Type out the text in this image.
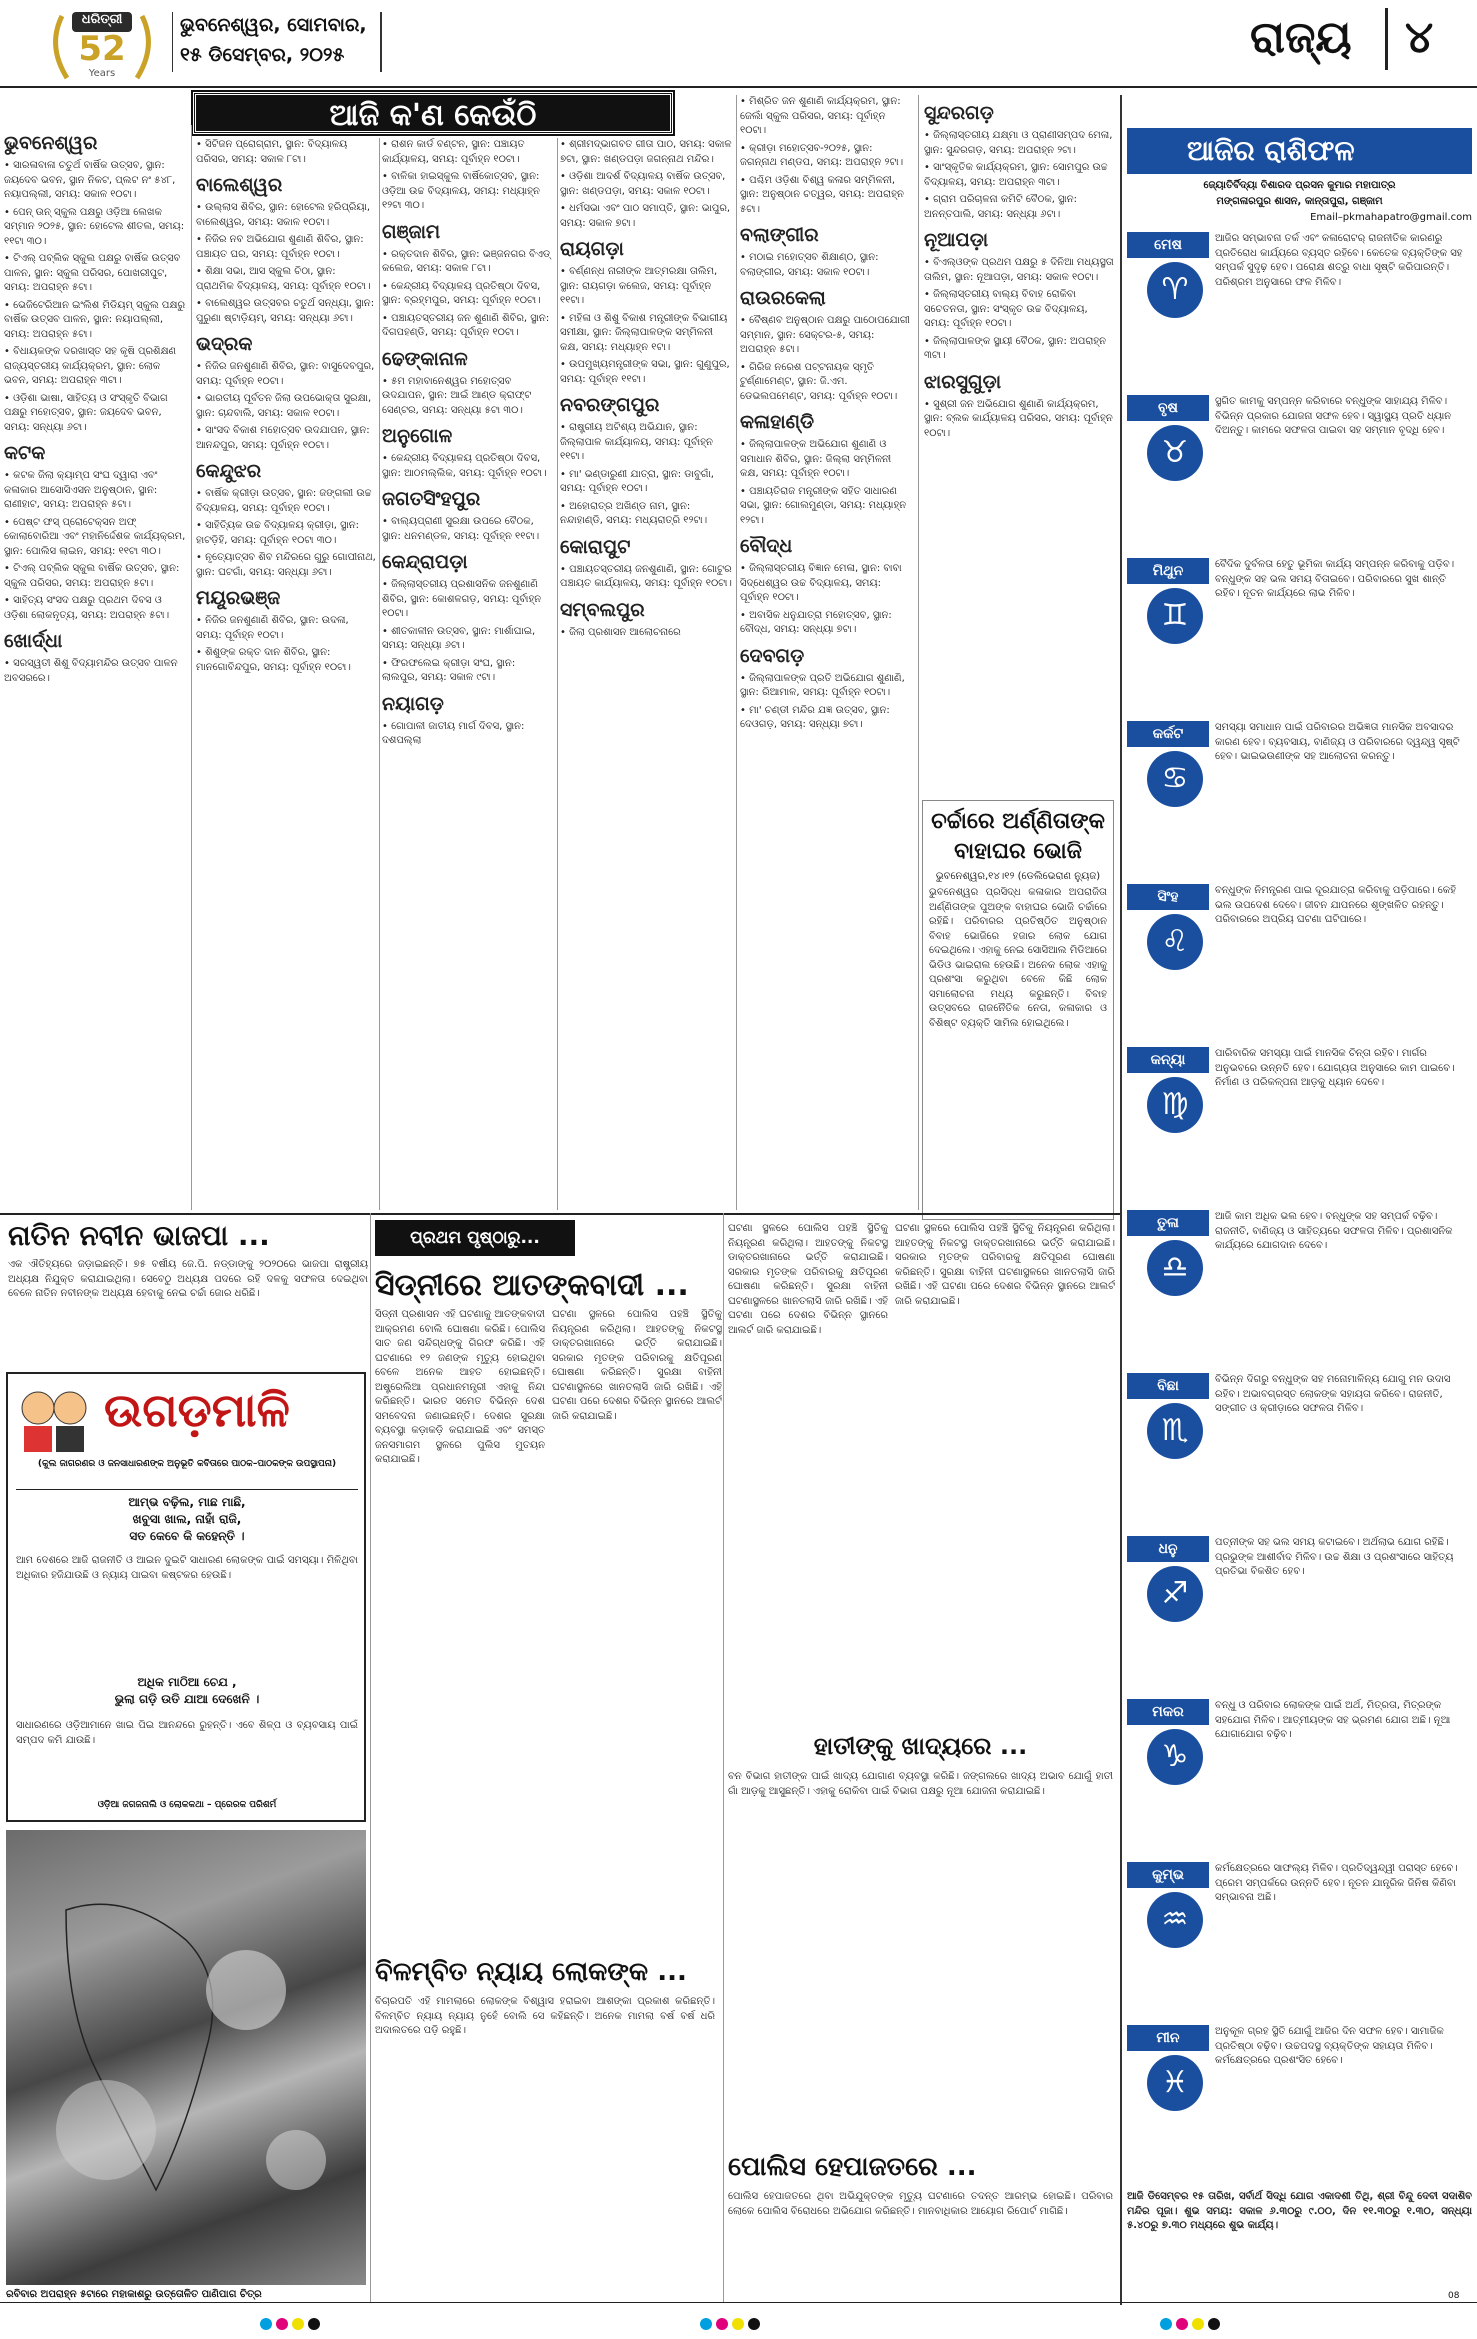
ଧରିତ୍ରୀ
52
Years
ଭୁବନେଶ୍ୱର, ସୋମବାର,
୧୫ ଡିସେମ୍ବର, ୨୦୨୫	ରାଜ୍ୟ ୪
ଆଜି କ'ଣ କେଉଁଠି
ଭୁବନେଶ୍ୱର
• ସାରଳାବାଳା ଚତୁର୍ଥ ବାର୍ଷିକ ଉତ୍ସବ, ସ୍ଥାନ: ଜୟଦେବ ଭବନ, ସ୍ଥାନ ନିକଟ, ପ୍ଲଟ ନଂ ୫୪୮, ନୟାପଲ୍ଲୀ, ସମୟ: ସକାଳ ୧୦ଟା।
• ପେନ୍ ଉନ୍ ସ୍କୁଲ ପକ୍ଷରୁ ଓଡ଼ିଆ ଲେଖକ ସମ୍ମାନ ୨୦୨୫, ସ୍ଥାନ: ହୋଟେଲ ଶୀତଲ, ସମୟ: ୧୧ଟା ୩୦।
• ଟିଏଲ୍ ପବ୍ଲିକ ସ୍କୁଲ ପକ୍ଷରୁ ବାର୍ଷିକ ଉତ୍ସବ ପାଳନ, ସ୍ଥାନ: ସ୍କୁଲ ପରିସର, ପୋଖରୀପୁଟ, ସମୟ: ଅପରାହ୍ନ ୫ଟା।
• ଭେଜିଟେରିଆନ ଇଂଲିଶ ମିଡିୟମ୍ ସ୍କୁଲ ପକ୍ଷରୁ ବାର୍ଷିକ ଉତ୍ସବ ପାଳନ, ସ୍ଥାନ: ନୟାପଲ୍ଲୀ, ସମୟ: ଅପରାହ୍ନ ୫ଟା।
• ବିଧାୟକଙ୍କ ଦରଖାସ୍ତ ସହ କୃଷି ପ୍ରଶିକ୍ଷଣ ରାଜ୍ୟସ୍ତରୀୟ କାର୍ଯ୍ୟକ୍ରମ, ସ୍ଥାନ: ଲୋକ ଭବନ, ସମୟ: ଅପରାହ୍ନ ୩ଟା।
• ଓଡ଼ିଶା ଭାଷା, ସାହିତ୍ୟ ଓ ସଂସ୍କୃତି ବିଭାଗ ପକ୍ଷରୁ ମହୋତ୍ସବ, ସ୍ଥାନ: ଜୟଦେବ ଭବନ, ସମୟ: ସନ୍ଧ୍ୟା ୬ଟା।
କଟକ
• କଟକ ଜିଲା କ୍ୟାମ୍ପ ସଂଘ ଦ୍ୱାରା ଏବଂ କଳାକାର ଆସୋସିଏସନ ଅନୁଷ୍ଠାନ, ସ୍ଥାନ: ରାଣୀହାଟ, ସମୟ: ଅପରାହ୍ନ ୫ଟା।
• ପେଷ୍ଟ ଫସ୍ ପ୍ରୋଟେକ୍ସନ ଅଫ୍ କୋଲାବୋରିଆ ଏବଂ ମହାନିର୍ଦ୍ଦେଶକ କାର୍ଯ୍ୟକ୍ରମ, ସ୍ଥାନ: ପୋଲିସ ଲାଇନ, ସମୟ: ୧୧ଟା ୩୦।
• ଟିଏଲ୍ ପବ୍ଲିକ ସ୍କୁଲ ବାର୍ଷିକ ଉତ୍ସବ, ସ୍ଥାନ: ସ୍କୁଲ ପରିସର, ସମୟ: ଅପରାହ୍ନ ୫ଟା।
• ସାହିତ୍ୟ ସଂସଦ ପକ୍ଷରୁ ପ୍ରଥମ ଦିବସ ଓ ଓଡ଼ିଶା ଲୋକନୃତ୍ୟ, ସମୟ: ଅପରାହ୍ନ ୫ଟା।
ଖୋର୍ଦ୍ଧା
• ସରସ୍ୱତୀ ଶିଶୁ ବିଦ୍ୟାମନ୍ଦିର ଉତ୍ସବ ପାଳନ ଅବସରରେ।
• ସିଟିଜନ ପ୍ରୋଗ୍ରାମ, ସ୍ଥାନ: ବିଦ୍ୟାଳୟ ପରିସର, ସମୟ: ସକାଳ ୮ଟା।
ବାଲେଶ୍ୱର
• ଉଲ୍ଲାସ ଶିବିର, ସ୍ଥାନ: ହୋଟେଲ ହରିପ୍ରିୟା, ବାଲେଶ୍ୱର, ସମୟ: ସକାଳ ୧୦ଟା।
• ନିଜିର ନବ ଅଭିଯୋଗ ଶୁଣାଣି ଶିବିର, ସ୍ଥାନ: ପଞ୍ଚାୟତ ଘର, ସମୟ: ପୂର୍ବାହ୍ନ ୧୦ଟା।
• ଶିକ୍ଷା ସଭା, ଆସ ସ୍କୁଲ ଚିଠା, ସ୍ଥାନ: ପ୍ରାଥମିକ ବିଦ୍ୟାଳୟ, ସମୟ: ପୂର୍ବାହ୍ନ ୧୦ଟା।
• ବାଲେଶ୍ୱର ଉତ୍ସବର ଚତୁର୍ଥ ସନ୍ଧ୍ୟା, ସ୍ଥାନ: ପୁରୁଣା ଷ୍ଟାଡ଼ିୟମ୍, ସମୟ: ସନ୍ଧ୍ୟା ୬ଟା।
ଭଦ୍ରକ
• ନିଜିର ଜନଶୁଣାଣି ଶିବିର, ସ୍ଥାନ: ବାସୁଦେବପୁର, ସମୟ: ପୂର୍ବାହ୍ନ ୧୦ଟା।
• ଭାରତୀୟ ପୂର୍ବତନ ଜିଲା ଉପଭୋକ୍ତା ସୁରକ୍ଷା, ସ୍ଥାନ: ଚାନ୍ଦବାଲି, ସମୟ: ସକାଳ ୧୦ଟା।
• ସାଂସଦ ବିକାଶ ମହୋତ୍ସବ ଉଦଯାପନ, ସ୍ଥାନ: ଆନନ୍ଦପୁର, ସମୟ: ପୂର୍ବାହ୍ନ ୧୦ଟା।
କେନ୍ଦୁଝର
• ବାର୍ଷିକ କ୍ରୀଡ଼ା ଉତ୍ସବ, ସ୍ଥାନ: ଜଙ୍ଗଲୀ ଉଚ୍ଚ ବିଦ୍ୟାଳୟ, ସମୟ: ପୂର୍ବାହ୍ନ ୧୦ଟା।
• ସାହିତ୍ୟିକ ଉଚ୍ଚ ବିଦ୍ୟାଳୟ କ୍ରୀଡ଼ା, ସ୍ଥାନ: ହାଟଡ଼ିହି, ସମୟ: ପୂର୍ବାହ୍ନ ୧୦ଟା ୩୦।
• ନୃତ୍ୟୋତ୍ସବ ଶିବ ମନ୍ଦିରରେ ଗୁରୁ ଗୋପୀନାଥ, ସ୍ଥାନ: ଘଟଗାଁ, ସମୟ: ସନ୍ଧ୍ୟା ୬ଟା।
ମୟୂରଭଞ୍ଜ
• ନିଜିର ଜନଶୁଣାଣି ଶିବିର, ସ୍ଥାନ: ଉଦଳା, ସମୟ: ପୂର୍ବାହ୍ନ ୧୦ଟା।
• ଶିଶୁଙ୍କ ରକ୍ତ ଦାନ ଶିବିର, ସ୍ଥାନ: ମାନଗୋବିନ୍ଦପୁର, ସମୟ: ପୂର୍ବାହ୍ନ ୧୦ଟା।
• ରାଶନ କାର୍ଡ ବଣ୍ଟନ, ସ୍ଥାନ: ପଞ୍ଚାୟତ କାର୍ଯ୍ୟାଳୟ, ସମୟ: ପୂର୍ବାହ୍ନ ୧୦ଟା।
• ବାଳିକା ହାଇସ୍କୁଲ ବାର୍ଷିକୋତ୍ସବ, ସ୍ଥାନ: ଓଡ଼ିଆ ଉଚ୍ଚ ବିଦ୍ୟାଳୟ, ସମୟ: ମଧ୍ୟାହ୍ନ ୧୨ଟା ୩୦।
ଗଞ୍ଜାମ
• ରକ୍ତଦାନ ଶିବିର, ସ୍ଥାନ: ଭଞ୍ଜନଗର ବିଏଡ୍ କଲେଜ, ସମୟ: ସକାଳ ୮ଟା।
• କେନ୍ଦ୍ରୀୟ ବିଦ୍ୟାଳୟ ପ୍ରତିଷ୍ଠା ଦିବସ, ସ୍ଥାନ: ବ୍ରହ୍ମପୁର, ସମୟ: ପୂର୍ବାହ୍ନ ୧୦ଟା।
• ପଞ୍ଚାୟତସ୍ତରୀୟ ଜନ ଶୁଣାଣି ଶିବିର, ସ୍ଥାନ: ଦିଗପହଣ୍ଡି, ସମୟ: ପୂର୍ବାହ୍ନ ୧୦ଟା।
ଢେଙ୍କାନାଳ
• ୫ମ ମହାବାନେଶ୍ୱର ମହୋତ୍ସବ ଉଦଯାପନ, ସ୍ଥାନ: ଆଇଁ ଆଣ୍ଡ କ୍ରାଫ୍ଟ ସେଣ୍ଟର, ସମୟ: ସନ୍ଧ୍ୟା ୫ଟା ୩୦।
ଅନୁଗୋଳ
• କେନ୍ଦ୍ରୀୟ ବିଦ୍ୟାଳୟ ପ୍ରତିଷ୍ଠା ଦିବସ, ସ୍ଥାନ: ଆଠମଲ୍ଲିକ, ସମୟ: ପୂର୍ବାହ୍ନ ୧୦ଟା।
ଜଗତସିଂହପୁର
• ବାଲ୍ୟପ୍ରାଣୀ ସୁରକ୍ଷା ଉପରେ ବୈଠକ, ସ୍ଥାନ: ଧନମଣ୍ଡଳ, ସମୟ: ପୂର୍ବାହ୍ନ ୧୧ଟା।
କେନ୍ଦ୍ରାପଡ଼ା
• ଜିଲ୍ଲାସ୍ତରୀୟ ପ୍ରଶାସନିକ ଜନଶୁଣାଣି ଶିବିର, ସ୍ଥାନ: କୋଶଳଗଡ଼, ସମୟ: ପୂର୍ବାହ୍ନ ୧୦ଟା।
• ଶୀତକାଳୀନ ଉତ୍ସବ, ସ୍ଥାନ: ମାର୍ଶାଘାଇ, ସମୟ: ସନ୍ଧ୍ୟା ୬ଟା।
• ଫିରଫଲେଇ କ୍ରୀଡ଼ା ସଂଘ, ସ୍ଥାନ: ଲାଲପୁର, ସମୟ: ସକାଳ ୯ଟା।
ନୟାଗଡ଼
• ଗୋପାଳୀ ଜାତୀୟ ମାର୍ଗ ଦିବସ, ସ୍ଥାନ: ଦଶପଲ୍ଲା
• ଶ୍ରୀମଦ୍ଭାଗବତ ଗୀତା ପାଠ, ସମୟ: ସକାଳ ୭ଟା, ସ୍ଥାନ: ଖଣ୍ଡପଡ଼ା ଜଗନ୍ନାଥ ମନ୍ଦିର।
• ଓଡ଼ିଶା ଆଦର୍ଶ ବିଦ୍ୟାଳୟ ବାର୍ଷିକ ଉତ୍ସବ, ସ୍ଥାନ: ଖଣ୍ଡପଡ଼ା, ସମୟ: ସକାଳ ୧୦ଟା।
• ଧର୍ମସଭା ଏବଂ ପାଠ ସମାପ୍ତି, ସ୍ଥାନ: ଭାପୁର, ସମୟ: ସକାଳ ୭ଟା।
ରାୟଗଡ଼ା
• ବର୍ଣ୍ଣନ୍ଧ ନାରୀଙ୍କ ଆତ୍ମରକ୍ଷା ତାଲିମ, ସ୍ଥାନ: ରାୟଗଡ଼ା କଲେଜ, ସମୟ: ପୂର୍ବାହ୍ନ ୧୧ଟା।
• ମହିଳା ଓ ଶିଶୁ ବିକାଶ ମନ୍ତ୍ରୀଙ୍କ ବିଭାଗୀୟ ସମୀକ୍ଷା, ସ୍ଥାନ: ଜିଲ୍ଲାପାଳଙ୍କ ସମ୍ମିଳନୀ କକ୍ଷ, ସମୟ: ମଧ୍ୟାହ୍ନ ୧ଟା।
• ଉପମୁଖ୍ୟମନ୍ତ୍ରୀଙ୍କ ସଭା, ସ୍ଥାନ: ଗୁଣୁପୁର, ସମୟ: ପୂର୍ବାହ୍ନ ୧୧ଟା।
ନବରଙ୍ଗପୁର
• ରାଷ୍ଟ୍ରୀୟ ଅଟିଶ୍ୟ ଅଭିଯାନ, ସ୍ଥାନ: ଜିଲ୍ଲାପାଳ କାର୍ଯ୍ୟାଳୟ, ସମୟ: ପୂର୍ବାହ୍ନ ୧୧ଟା।
• ମା' ଭଣ୍ଡାରୁଣୀ ଯାତ୍ରା, ସ୍ଥାନ: ଡାବୁଗାଁ, ସମୟ: ପୂର୍ବାହ୍ନ ୧୦ଟା।
• ଅହୋରାତ୍ର ଅଖିଣ୍ଡ ନାମ, ସ୍ଥାନ: ନନ୍ଦାହାଣ୍ଡି, ସମୟ: ମଧ୍ୟରାତ୍ରି ୧୨ଟା।
କୋରାପୁଟ
• ପଞ୍ଚାୟତସ୍ତରୀୟ ଜନଶୁଣାଣି, ସ୍ଥାନ: ଗୋଟୁର ପଞ୍ଚାୟତ କାର୍ଯ୍ୟାଳୟ, ସମୟ: ପୂର୍ବାହ୍ନ ୧୦ଟା।
ସମ୍ବଲପୁର
• ଜିଲା ପ୍ରଶାସନ ଆଲୋଚନାରେ
• ମିଶ୍ରିତ ଜନ ଶୁଣାଣି କାର୍ଯ୍ୟକ୍ରମ, ସ୍ଥାନ: ଜେଲାଁ ସ୍କୁଲ ପରିସର, ସମୟ: ପୂର୍ବାହ୍ନ ୧୦ଟା।
• କ୍ରୀଡ଼ା ମହୋତ୍ସବ-୨୦୨୫, ସ୍ଥାନ: ଜଗନ୍ନାଥ ମଣ୍ଡପ, ସମୟ: ଅପରାହ୍ନ ୨ଟା।
• ପଶ୍ଚିମ ଓଡ଼ିଶା ବିଶ୍ୱ କଳାର ସମ୍ମିଳନୀ, ସ୍ଥାନ: ଅନୁଷ୍ଠାନ ଚତ୍ୱର, ସମୟ: ଅପରାହ୍ନ ୫ଟା।
ବଲାଙ୍ଗୀର
• ମଠାଇ ମହୋତ୍ସବ ଶିକ୍ଷାଣ୍ଠ, ସ୍ଥାନ: ବଲାଙ୍ଗୀର, ସମୟ: ସକାଳ ୧୦ଟା।
ରାଉରକେଲା
• ବୈଷ୍ଣବ ଅନୁଷ୍ଠାନ ପକ୍ଷରୁ ପାଠୋପଯୋଗୀ ସମ୍ମାନ, ସ୍ଥାନ: ସେକ୍ଟର-୫, ସମୟ: ଅପରାହ୍ନ ୫ଟା।
• ଗିରିଜ ନରେଶ ପଟ୍ଟନାୟକ ସ୍ମୃତି ଟୁର୍ଣ୍ଣାମେଣ୍ଟ, ସ୍ଥାନ: ଜି.ଏମ. ଡେଭଲପମେଣ୍ଟ, ସମୟ: ପୂର୍ବାହ୍ନ ୧୦ଟା।
କଳାହାଣ୍ଡି
• ଜିଲ୍ଲାପାଳଙ୍କ ଅଭିଯୋଗ ଶୁଣାଣି ଓ ସମାଧାନ ଶିବିର, ସ୍ଥାନ: ଜିଲ୍ଲା ସମ୍ମିଳନୀ କକ୍ଷ, ସମୟ: ପୂର୍ବାହ୍ନ ୧୦ଟା।
• ପଞ୍ଚାୟତିରାଜ ମନ୍ତ୍ରୀଙ୍କ ସହିତ ସାଧାରଣ ସଭା, ସ୍ଥାନ: ଗୋଲମୁଣ୍ଡା, ସମୟ: ମଧ୍ୟାହ୍ନ ୧୨ଟା।
ବୌଦ୍ଧ
• ଜିଲ୍ଲାସ୍ତରୀୟ ବିଜ୍ଞାନ ମେଳା, ସ୍ଥାନ: ବାବା ସିଦ୍ଧେଶ୍ୱର ଉଚ୍ଚ ବିଦ୍ୟାଳୟ, ସମୟ: ପୂର୍ବାହ୍ନ ୧୦ଟା।
• ଅବାସିକ ଧନୁଯାତ୍ରା ମହୋତ୍ସବ, ସ୍ଥାନ: ବୌଦ୍ଧ, ସମୟ: ସନ୍ଧ୍ୟା ୭ଟା।
ଦେବଗଡ଼
• ଜିଲ୍ଲାପାଳଙ୍କ ପ୍ରତି ଅଭିଯୋଗ ଶୁଣାଣି, ସ୍ଥାନ: ରିଆମାଳ, ସମୟ: ପୂର୍ବାହ୍ନ ୧୦ଟା।
• ମା' ଚଣ୍ଡୀ ମନ୍ଦିର ଯଜ୍ଞ ଉତ୍ସବ, ସ୍ଥାନ: ଦେଓଗଡ଼, ସମୟ: ସନ୍ଧ୍ୟା ୭ଟା।
ସୁନ୍ଦରଗଡ଼
• ଜିଲ୍ଲାସ୍ତରୀୟ ଯକ୍ଷ୍ମା ଓ ପ୍ରାଣୀସମ୍ପଦ ମେଳା, ସ୍ଥାନ: ସୁନ୍ଦରଗଡ଼, ସମୟ: ଅପରାହ୍ନ ୨ଟା।
• ସାଂସ୍କୃତିକ କାର୍ଯ୍ୟକ୍ରମ, ସ୍ଥାନ: ସୋମପୁର ଉଚ୍ଚ ବିଦ୍ୟାଳୟ, ସମୟ: ଅପରାହ୍ନ ୩ଟା।
• ଗ୍ରାମ ପରିଚାଳନା କମିଟି ବୈଠକ, ସ୍ଥାନ: ଅନନ୍ତପାଲି, ସମୟ: ସନ୍ଧ୍ୟା ୬ଟା।
ନୂଆପଡ଼ା
• ବିଏଲ୍ଓଙ୍କ ପ୍ରଥମ ପକ୍ଷରୁ ୫ ଦିନିଆ ମଧ୍ୟସ୍ଥତା ତାଲିମ, ସ୍ଥାନ: ନୂଆପଡ଼ା, ସମୟ: ସକାଳ ୧୦ଟା।
• ଜିଲ୍ଲାସ୍ତରୀୟ ବାଲ୍ୟ ବିବାହ ରୋକିବା ସଚେତନତା, ସ୍ଥାନ: ସଂସ୍କୃତ ଉଚ୍ଚ ବିଦ୍ୟାଳୟ, ସମୟ: ପୂର୍ବାହ୍ନ ୧୦ଟା।
• ଜିଲ୍ଲାପାଳଙ୍କ ସ୍ଥାୟୀ ବୈଠକ, ସ୍ଥାନ: ଅପରାହ୍ନ ୩ଟା।
ଝାରସୁଗୁଡ଼ା
• ସୁଶ୍ରୀ ଜନ ଅଭିଯୋଗ ଶୁଣାଣି କାର୍ଯ୍ୟକ୍ରମ, ସ୍ଥାନ: ବ୍ଲକ କାର୍ଯ୍ୟାଳୟ ପରିସର, ସମୟ: ପୂର୍ବାହ୍ନ ୧୦ଟା।
ଚର୍ଚ୍ଚାରେ ଅର୍ଣ୍ଣିତାଙ୍କ ବାହାଘର ଭୋଜି
ଭୁବନେଶ୍ୱର,୧୪।୧୨ (ଡେଲିଭେରାଣ ନ୍ୟୁଜ)
ଭୁବନେଶ୍ୱର ପ୍ରସିଦ୍ଧ କଳାକାର ଅପରାଜିତା ଅର୍ଣ୍ଣିତାଙ୍କ ପୁଅଙ୍କ ବାହାଘର ଭୋଜି ଚର୍ଚ୍ଚାରେ ରହିଛି। ପରିବାରର ପ୍ରତିଷ୍ଠିତ ଅନୁଷ୍ଠାନ ବିବାହ ଭୋଜିରେ ହଜାର ଲୋକ ଯୋଗ ଦେଇଥିଲେ। ଏହାକୁ ନେଇ ସୋସିଆଲ ମିଡିଆରେ ଭିଡିଓ ଭାଇରାଲ ହେଉଛି। ଅନେକ ଲୋକ ଏହାକୁ ପ୍ରଶଂସା କରୁଥିବା ବେଳେ କିଛି ଲୋକ ସମାଲୋଚନା ମଧ୍ୟ କରୁଛନ୍ତି। ବିବାହ ଉତ୍ସବରେ ରାଜନୈତିକ ନେତା, କଳାକାର ଓ ବିଶିଷ୍ଟ ବ୍ୟକ୍ତି ସାମିଲ ହୋଇଥିଲେ।
ଆଜିର ରାଶିଫଳ
ଜ୍ୟୋତିର୍ବିଦ୍ୟା ବିଶାରଦ ପ୍ରସନ କୁମାର ମହାପାତ୍ର
ମଙ୍ଗଳାରପୁର ଶାସନ, କାନ୍ତାପୁରା, ଗଞ୍ଜାମ
Email–pkmahapatro@gmail.com
ମେଷ
♈
ଆଜିର ସମ୍ଭାବନା ତର୍କ ଏବଂ କଳାରୋଟର୍ ରାଜନୀତିକ କାରଣରୁ ପ୍ରତିରୋଧ କାର୍ଯ୍ୟରେ ବ୍ୟସ୍ତ ରହିବେ। କେତେକ ବ୍ୟକ୍ତିଙ୍କ ସହ ସମ୍ପର୍କ ସୁଦୃଢ଼ ହେବ। ପରୋକ୍ଷ ଶତ୍ରୁ ବାଧା ସୃଷ୍ଟି କରିପାରନ୍ତି। ପରିଶ୍ରମ ଅନୁସାରେ ଫଳ ମିଳିବ।
ବୃଷ
♉
ସ୍ଥଗିତ କାମକୁ ସମ୍ପନ୍ନ କରିବାରେ ବନ୍ଧୁଙ୍କ ସାହାଯ୍ୟ ମିଳିବ। ବିଭିନ୍ନ ପ୍ରକାର ଯୋଜନା ସଫଳ ହେବ। ସ୍ୱାସ୍ଥ୍ୟ ପ୍ରତି ଧ୍ୟାନ ଦିଅନ୍ତୁ। କାମରେ ସଫଳତା ପାଇବା ସହ ସମ୍ମାନ ବୃଦ୍ଧି ହେବ।
ମିଥୁନ
♊
ବୈଦିକ ଦୁର୍ବଳତା ହେତୁ ଭୂମିକା କାର୍ଯ୍ୟ ସମ୍ପନ୍ନ କରିବାକୁ ପଡ଼ିବ। ବନ୍ଧୁଙ୍କ ସହ ଭଲ ସମୟ ବିତାଇବେ। ପରିବାରରେ ସୁଖ ଶାନ୍ତି ରହିବ। ନୂତନ କାର୍ଯ୍ୟରେ ଲାଭ ମିଳିବ।
କର୍କଟ
♋
ସମସ୍ୟା ସମାଧାନ ପାଇଁ ପରିବାରର ଅଭିଜ୍ଞତା ମାନସିକ ଅବସାଦର କାରଣ ହେବ। ବ୍ୟବସାୟ, ବାଣିଜ୍ୟ ଓ ପରିବାରରେ ଦ୍ୱନ୍ଦ୍ୱ ସୃଷ୍ଟି ହେବ। ଭାଇଭଉଣୀଙ୍କ ସହ ଆଲୋଚନା କରନ୍ତୁ।
ସିଂହ
♌
ବନ୍ଧୁଙ୍କ ନିମନ୍ତ୍ରଣ ପାଇ ଦୂରଯାତ୍ରା କରିବାକୁ ପଡ଼ିପାରେ। କେହି ଭଲ ଉପଦେଶ ଦେବେ। ଜୀବନ ଯାପନରେ ଶୃଙ୍ଖଳିତ ରହନ୍ତୁ। ପରିବାରରେ ଅପ୍ରିୟ ଘଟଣା ଘଟିପାରେ।
କନ୍ୟା
♍
ପାରିବାରିକ ସମସ୍ୟା ପାଇଁ ମାନସିକ ଚିନ୍ତା ରହିବ। ମାର୍ଗର ଅନୁଭବରେ ଉନ୍ନତି ହେବ। ଯୋଗ୍ୟତା ଅନୁସାରେ କାମ ପାଇବେ। ନିର୍ମାଣ ଓ ପରିକଳ୍ପନା ଆଡ଼କୁ ଧ୍ୟାନ ଦେବେ।
ତୁଳା
♎
ଆଜି କାମ ଅଧିକ ଭଲ ହେବ। ବନ୍ଧୁଙ୍କ ସହ ସମ୍ପର୍କ ବଢ଼ିବ। ରାଜନୀତି, ବାଣିଜ୍ୟ ଓ ସାହିତ୍ୟରେ ସଫଳତା ମିଳିବ। ପ୍ରଶାସନିକ କାର୍ଯ୍ୟରେ ଯୋଗଦାନ ଦେବେ।
ବିଛା
♏
ବିଭିନ୍ନ ଦିଗରୁ ବନ୍ଧୁଙ୍କ ସହ ମନୋମାଳିନ୍ୟ ଯୋଗୁ ମନ ଉଦାସ ରହିବ। ଅଭାବଗ୍ରସ୍ତ ଲୋକଙ୍କ ସହାୟତା କରିବେ। ରାଜନୀତି, ସଙ୍ଗୀତ ଓ କ୍ରୀଡ଼ାରେ ସଫଳତା ମିଳିବ।
ଧନୁ
♐
ପତ୍ନୀଙ୍କ ସହ ଭଲ ସମୟ କଟାଇବେ। ଅର୍ଥଲାଭ ଯୋଗ ରହିଛି। ପ୍ରଭୁଙ୍କ ଆଶୀର୍ବାଦ ମିଳିବ। ଉଚ୍ଚ ଶିକ୍ଷା ଓ ପ୍ରଶଂସାରେ ସାହିତ୍ୟ ପ୍ରତିଭା ବିକଶିତ ହେବ।
ମକର
♑
ବନ୍ଧୁ ଓ ପରିବାର ଲୋକଙ୍କ ପାଇଁ ଅର୍ଥ, ମିତ୍ରତା, ମିତ୍ରଙ୍କ ସହଯୋଗ ମିଳିବ। ଆତ୍ମୀୟଙ୍କ ସହ ଭ୍ରମଣ ଯୋଗ ଅଛି। ନୂଆ ଯୋଗାଯୋଗ ବଢ଼ିବ।
କୁମ୍ଭ
♒
କର୍ମକ୍ଷେତ୍ରରେ ସାଫଲ୍ୟ ମିଳିବ। ପ୍ରତିଦ୍ୱନ୍ଦ୍ୱୀ ପରାସ୍ତ ହେବେ। ପ୍ରେମ ସମ୍ପର୍କରେ ଉନ୍ନତି ହେବ। ନୂତନ ଯାନ୍ତ୍ରିକ ଜିନିଷ କିଣିବା ସମ୍ଭାବନା ଅଛି।
ମୀନ
♓
ଅନୁକୂଳ ଗ୍ରହ ସ୍ଥିତି ଯୋଗୁଁ ଆଜିର ଦିନ ସଫଳ ହେବ। ସାମାଜିକ ପ୍ରତିଷ୍ଠା ବଢ଼ିବ। ଉଚ୍ଚପଦସ୍ଥ ବ୍ୟକ୍ତିଙ୍କ ସହାୟତା ମିଳିବ। କର୍ମକ୍ଷେତ୍ରରେ ପ୍ରଶଂସିତ ହେବେ।
ଆଜି ଡିସେମ୍ବର ୧୫ ତାରିଖ, ସର୍ବାର୍ଥ ସିଦ୍ଧି ଯୋଗ ଏକାଦଶୀ ତିଥି, ଶ୍ରୀ ବିନ୍ଦୁ ଦେବୀ ସଦାଶିବ ମନ୍ଦିର ପୂଜା। ଶୁଭ ସମୟ: ସକାଳ ୬.୩୦ରୁ ୯.୦୦, ଦିନ ୧୧.୩୦ରୁ ୧.୩୦, ସନ୍ଧ୍ୟା ୫.୪୦ରୁ ୭.୩୦ ମଧ୍ୟରେ ଶୁଭ କାର୍ଯ୍ୟ।
ନାତିନ ନବୀନ ଭାଜପା ...
ଏକ ଐତିହ୍ୟରେ ଜଡ଼ାଇଛନ୍ତି। ୭୫ ବର୍ଷୀୟ ଜେ.ପି. ନଡ୍ଡାଙ୍କୁ ୨୦୨୦ରେ ଭାଜପା ରାଷ୍ଟ୍ରୀୟ ଅଧ୍ୟକ୍ଷ ନିଯୁକ୍ତ କରାଯାଇଥିଲା। ସେବେଠୁ ଅଧ୍ୟକ୍ଷ ପଦରେ ରହି ଦଳକୁ ସଫଳତା ଦେଇଥିବା ବେଳେ ନାତିନ ନବୀନଙ୍କ ଅଧ୍ୟକ୍ଷ ହେବାକୁ ନେଇ ଚର୍ଚ୍ଚା ଜୋର ଧରିଛି।
ଉଗଡ଼ମାଳି
(କୁଲ ଜାଗରଣର ଓ ଜନସାଧାରଣଙ୍କ ଅନୁଭୂତି କବିତାରେ ପାଠକ–ପାଠକଙ୍କ ଉପସ୍ଥାପନା)
ଆମ୍ଭ ବଢ଼ିଲ, ମାଛ ମାଛି,
ଖବୁସା ଖାଲ, ନାହାଁ ରାଜି,
ସତ କେବେ କି କହେନ୍ତି ।
ଆମ ଦେଶରେ ଆଜି ରାଜନୀତି ଓ ଆଇନ ଦୁଇଟି ସାଧାରଣ ଲୋକଙ୍କ ପାଇଁ ସମସ୍ୟା। ମିଳିଥିବା ଅଧିକାର ହଜିଯାଉଛି ଓ ନ୍ୟାୟ ପାଇବା କଷ୍ଟକର ହେଉଛି।
ଅଧିକ ମାଠିଆ ଚେଯ ,
ଭୁଲା ଗଡ଼ି ଉତି ଯାଆ ଦେଖେନି ।
ସାଧାରଣରେ ଓଡ଼ିଆମାନେ ଖାଇ ପିଇ ଆନନ୍ଦରେ ରୁହନ୍ତି। ଏବେ ଶିଳ୍ପ ଓ ବ୍ୟବସାୟ ପାଇଁ ସମ୍ପଦ କମି ଯାଉଛି।
ଓଡ଼ିଆ ଜଗଜନାଲି ଓ ଲୋକକଥା – ପ୍ରେରକ ପରିଶର୍ମ
ରବିବାର ଅପରାହ୍ନ ୫ଟାରେ ମହାକାଶରୁ ଉତ୍ତୋଳିତ ପାଣିପାଗ ଚିତ୍ର
ପ୍ରଥମ ପୃଷ୍ଠାରୁ...
ସିଡ୍‌ନୀରେ ଆତଙ୍କବାଦୀ ...
ସିଡ୍‌ନୀ ପ୍ରଶାସନ ଏହି ଘଟଣାକୁ ଆତଙ୍କବାଦୀ ଆକ୍ରମଣ ବୋଲି ଘୋଷଣା କରିଛି। ପୋଲିସ ସାତ ଜଣ ସନ୍ଦିଗ୍ଧଙ୍କୁ ଗିରଫ କରିଛି। ଏହି ଘଟଣାରେ ୧୨ ଜଣଙ୍କ ମୃତ୍ୟୁ ହୋଇଥିବା ବେଳେ ଅନେକ ଆହତ ହୋଇଛନ୍ତି। ଅଷ୍ଟ୍ରେଲିଆ ପ୍ରଧାନମନ୍ତ୍ରୀ ଏହାକୁ ନିନ୍ଦା କରିଛନ୍ତି। ଭାରତ ସମେତ ବିଭିନ୍ନ ଦେଶ ସମବେଦନା ଜଣାଇଛନ୍ତି। ଦେଶର ସୁରକ୍ଷା ବ୍ୟବସ୍ଥା କଡ଼ାକଡ଼ି କରାଯାଇଛି ଏବଂ ସମସ୍ତ ଜନସମାଗମ ସ୍ଥଳରେ ପୁଲିସ ମୁତୟନ କରାଯାଇଛି।
ଘଟଣା ସ୍ଥଳରେ ପୋଲିସ ପହଞ୍ଚି ସ୍ଥିତିକୁ ନିୟନ୍ତ୍ରଣ କରିଥିଲା। ଆହତଙ୍କୁ ନିକଟସ୍ଥ ଡାକ୍ତରଖାନାରେ ଭର୍ତ୍ତି କରାଯାଇଛି। ସରକାର ମୃତଙ୍କ ପରିବାରକୁ କ୍ଷତିପୂରଣ ଘୋଷଣା କରିଛନ୍ତି। ସୁରକ୍ଷା ବାହିନୀ ଘଟଣାସ୍ଥଳରେ ଖାନତଲାସି ଜାରି ରଖିଛି। ଏହି ଘଟଣା ପରେ ଦେଶର ବିଭିନ୍ନ ସ୍ଥାନରେ ଆଲର୍ଟ ଜାରି କରାଯାଇଛି।
ବିଳମ୍ବିତ ନ୍ୟାୟ ଲୋକଙ୍କ ...
ବିଚାରପତି ଏହି ମାମଲାରେ ଲୋକଙ୍କ ବିଶ୍ୱାସ ହରାଇବା ଆଶଙ୍କା ପ୍ରକାଶ କରିଛନ୍ତି। ବିଳମ୍ବିତ ନ୍ୟାୟ ନ୍ୟାୟ ନୁହେଁ ବୋଲି ସେ କହିଛନ୍ତି। ଅନେକ ମାମଲା ବର୍ଷ ବର୍ଷ ଧରି ଅଦାଲତରେ ପଡ଼ି ରହୁଛି।
ଘଟଣା ସ୍ଥଳରେ ପୋଲିସ ପହଞ୍ଚି ସ୍ଥିତିକୁ ନିୟନ୍ତ୍ରଣ କରିଥିଲା। ଆହତଙ୍କୁ ନିକଟସ୍ଥ ଡାକ୍ତରଖାନାରେ ଭର୍ତ୍ତି କରାଯାଇଛି। ସରକାର ମୃତଙ୍କ ପରିବାରକୁ କ୍ଷତିପୂରଣ ଘୋଷଣା କରିଛନ୍ତି। ସୁରକ୍ଷା ବାହିନୀ ଘଟଣାସ୍ଥଳରେ ଖାନତଲାସି ଜାରି ରଖିଛି। ଏହି ଘଟଣା ପରେ ଦେଶର ବିଭିନ୍ନ ସ୍ଥାନରେ ଆଲର୍ଟ ଜାରି କରାଯାଇଛି।
ଘଟଣା ସ୍ଥଳରେ ପୋଲିସ ପହଞ୍ଚି ସ୍ଥିତିକୁ ନିୟନ୍ତ୍ରଣ କରିଥିଲା। ଆହତଙ୍କୁ ନିକଟସ୍ଥ ଡାକ୍ତରଖାନାରେ ଭର୍ତ୍ତି କରାଯାଇଛି। ସରକାର ମୃତଙ୍କ ପରିବାରକୁ କ୍ଷତିପୂରଣ ଘୋଷଣା କରିଛନ୍ତି। ସୁରକ୍ଷା ବାହିନୀ ଘଟଣାସ୍ଥଳରେ ଖାନତଲାସି ଜାରି ରଖିଛି। ଏହି ଘଟଣା ପରେ ଦେଶର ବିଭିନ୍ନ ସ୍ଥାନରେ ଆଲର୍ଟ ଜାରି କରାଯାଇଛି।
ହାତୀଙ୍କୁ ଖାଦ୍ୟରେ ...
ବନ ବିଭାଗ ହାତୀଙ୍କ ପାଇଁ ଖାଦ୍ୟ ଯୋଗାଣ ବ୍ୟବସ୍ଥା କରିଛି। ଜଙ୍ଗଲରେ ଖାଦ୍ୟ ଅଭାବ ଯୋଗୁଁ ହାତୀ ଗାଁ ଆଡ଼କୁ ଆସୁଛନ୍ତି। ଏହାକୁ ରୋକିବା ପାଇଁ ବିଭାଗ ପକ୍ଷରୁ ନୂଆ ଯୋଜନା କରାଯାଇଛି।
ପୋଲିସ ହେପାଜତରେ ...
ପୋଲିସ ହେପାଜତରେ ଥିବା ଅଭିଯୁକ୍ତଙ୍କ ମୃତ୍ୟୁ ଘଟଣାରେ ତଦନ୍ତ ଆରମ୍ଭ ହୋଇଛି। ପରିବାର ଲୋକେ ପୋଲିସ ବିରୋଧରେ ଅଭିଯୋଗ କରିଛନ୍ତି। ମାନବାଧିକାର ଆୟୋଗ ରିପୋର୍ଟ ମାଗିଛି।
08
